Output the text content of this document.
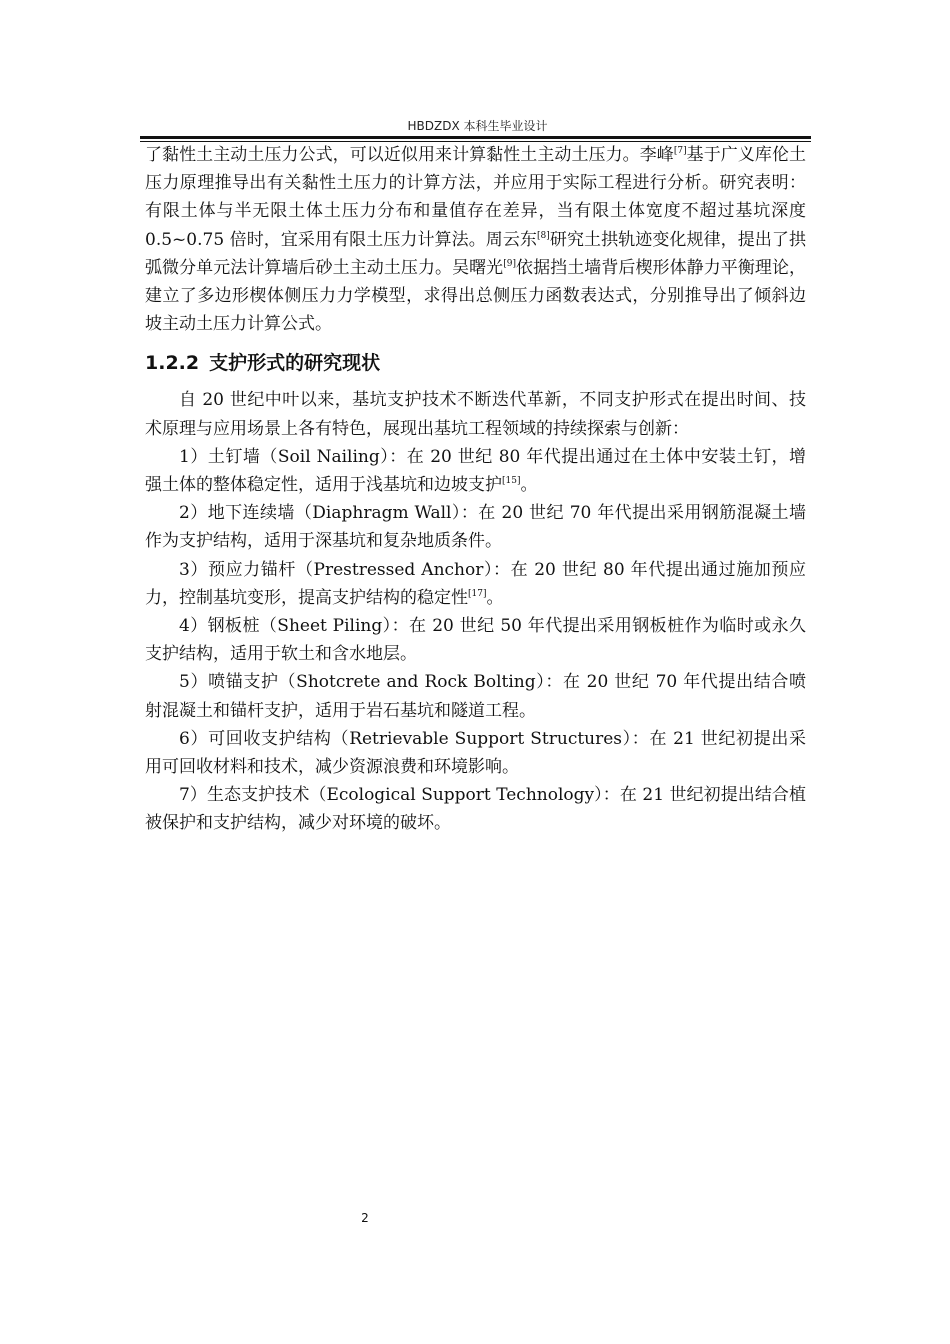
HBDZDX 本科生毕业设计

了黏性土主动土压力公式，可以近似用来计算黏性土主动土压力。李峰[7]基于广义库伦土压力原理推导出有关黏性土压力的计算方法，并应用于实际工程进行分析。研究表明：有限土体与半无限土体土压力分布和量值存在差异，当有限土体宽度不超过基坑深度 0.5~0.75 倍时，宜采用有限土压力计算法。周云东[8]研究土拱轨迹变化规律，提出了拱弧微分单元法计算墙后砂土主动土压力。吴曙光[9]依据挡土墙背后楔形体静力平衡理论，建立了多边形楔体侧压力力学模型，求得出总侧压力函数表达式，分别推导出了倾斜边坡主动土压力计算公式。

1.2.2 支护形式的研究现状

自 20 世纪中叶以来，基坑支护技术不断迭代革新，不同支护形式在提出时间、技术原理与应用场景上各有特色，展现出基坑工程领域的持续探索与创新：

1）土钉墙（Soil Nailing）：在 20 世纪 80 年代提出通过在土体中安装土钉，增强土体的整体稳定性，适用于浅基坑和边坡支护[15]。

2）地下连续墙（Diaphragm Wall）：在 20 世纪 70 年代提出采用钢筋混凝土墙作为支护结构，适用于深基坑和复杂地质条件。

3）预应力锚杆（Prestressed Anchor）：在 20 世纪 80 年代提出通过施加预应力，控制基坑变形，提高支护结构的稳定性[17]。

4）钢板桩（Sheet Piling）：在 20 世纪 50 年代提出采用钢板桩作为临时或永久支护结构，适用于软土和含水地层。

5）喷锚支护（Shotcrete and Rock Bolting）：在 20 世纪 70 年代提出结合喷射混凝土和锚杆支护，适用于岩石基坑和隧道工程。

6）可回收支护结构（Retrievable Support Structures）：在 21 世纪初提出采用可回收材料和技术，减少资源浪费和环境影响。

7）生态支护技术（Ecological Support Technology）：在 21 世纪初提出结合植被保护和支护结构，减少对环境的破坏。

2
